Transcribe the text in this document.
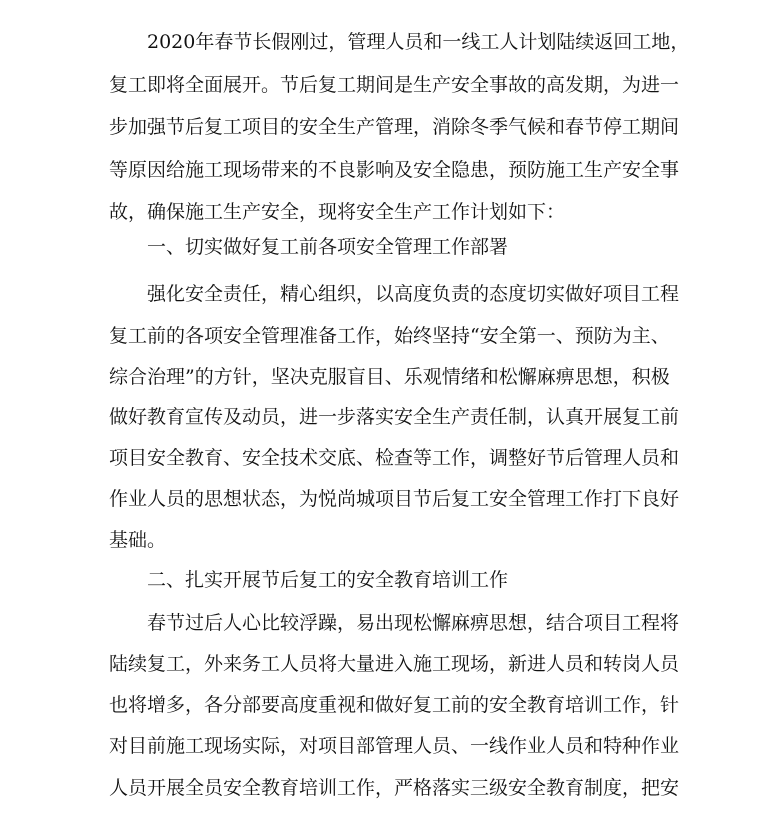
2020年春节长假刚过，管理人员和一线工人计划陆续返回工地，
复工即将全面展开。节后复工期间是生产安全事故的高发期，为进一
步加强节后复工项目的安全生产管理，消除冬季气候和春节停工期间
等原因给施工现场带来的不良影响及安全隐患，预防施工生产安全事
故，确保施工生产安全，现将安全生产工作计划如下：
一、切实做好复工前各项安全管理工作部署
强化安全责任，精心组织，以高度负责的态度切实做好项目工程
复工前的各项安全管理准备工作，始终坚持“安全第一、预防为主、
综合治理”的方针，坚决克服盲目、乐观情绪和松懈麻痹思想，积极
做好教育宣传及动员，进一步落实安全生产责任制，认真开展复工前
项目安全教育、安全技术交底、检查等工作，调整好节后管理人员和
作业人员的思想状态，为悦尚城项目节后复工安全管理工作打下良好
基础。
二、扎实开展节后复工的安全教育培训工作
春节过后人心比较浮躁，易出现松懈麻痹思想，结合项目工程将
陆续复工，外来务工人员将大量进入施工现场，新进人员和转岗人员
也将增多，各分部要高度重视和做好复工前的安全教育培训工作，针
对目前施工现场实际，对项目部管理人员、一线作业人员和特种作业
人员开展全员安全教育培训工作，严格落实三级安全教育制度，把安
